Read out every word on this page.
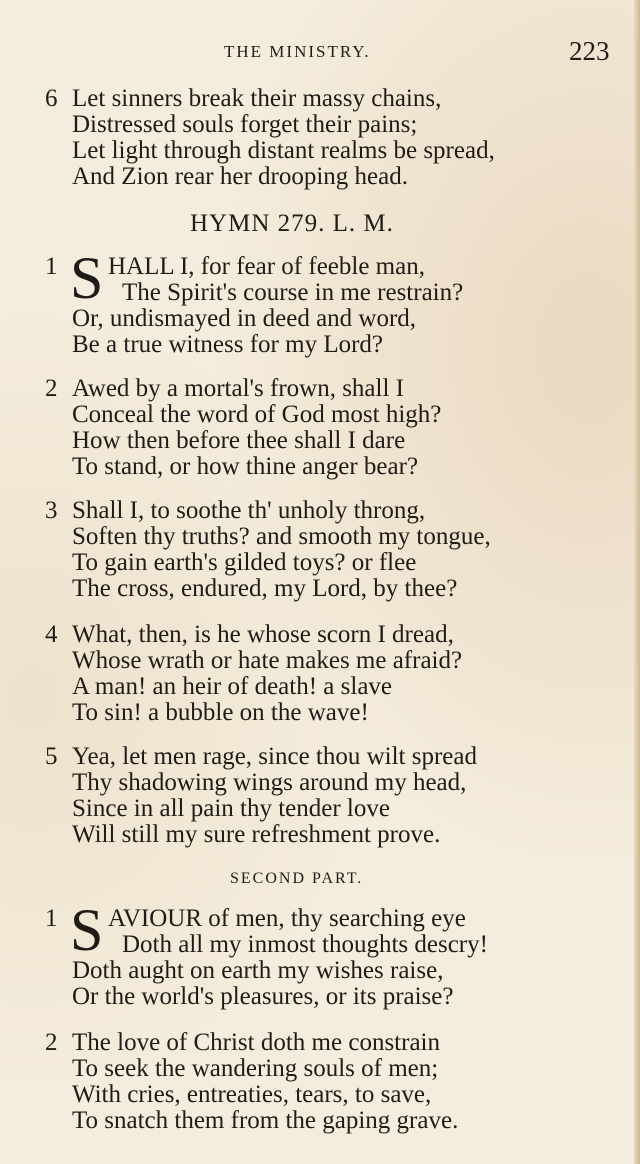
THE MINISTRY.	223
6 Let sinners break their massy chains,
Distressed souls forget their pains;
Let light through distant realms be spread,
And Zion rear her drooping head.
HYMN 279. L. M.
1 S HALL I, for fear of feeble man,
The Spirit's course in me restrain?
Or, undismayed in deed and word,
Be a true witness for my Lord?
2 Awed by a mortal's frown, shall I
Conceal the word of God most high?
How then before thee shall I dare
To stand, or how thine anger bear?
3 Shall I, to soothe th' unholy throng,
Soften thy truths? and smooth my tongue,
To gain earth's gilded toys? or flee
The cross, endured, my Lord, by thee?
4 What, then, is he whose scorn I dread,
Whose wrath or hate makes me afraid?
A man! an heir of death! a slave
To sin! a bubble on the wave!
5 Yea, let men rage, since thou wilt spread
Thy shadowing wings around my head,
Since in all pain thy tender love
Will still my sure refreshment prove.
SECOND PART.
1 S AVIOUR of men, thy searching eye
Doth all my inmost thoughts descry!
Doth aught on earth my wishes raise,
Or the world's pleasures, or its praise?
2 The love of Christ doth me constrain
To seek the wandering souls of men;
With cries, entreaties, tears, to save,
To snatch them from the gaping grave.
